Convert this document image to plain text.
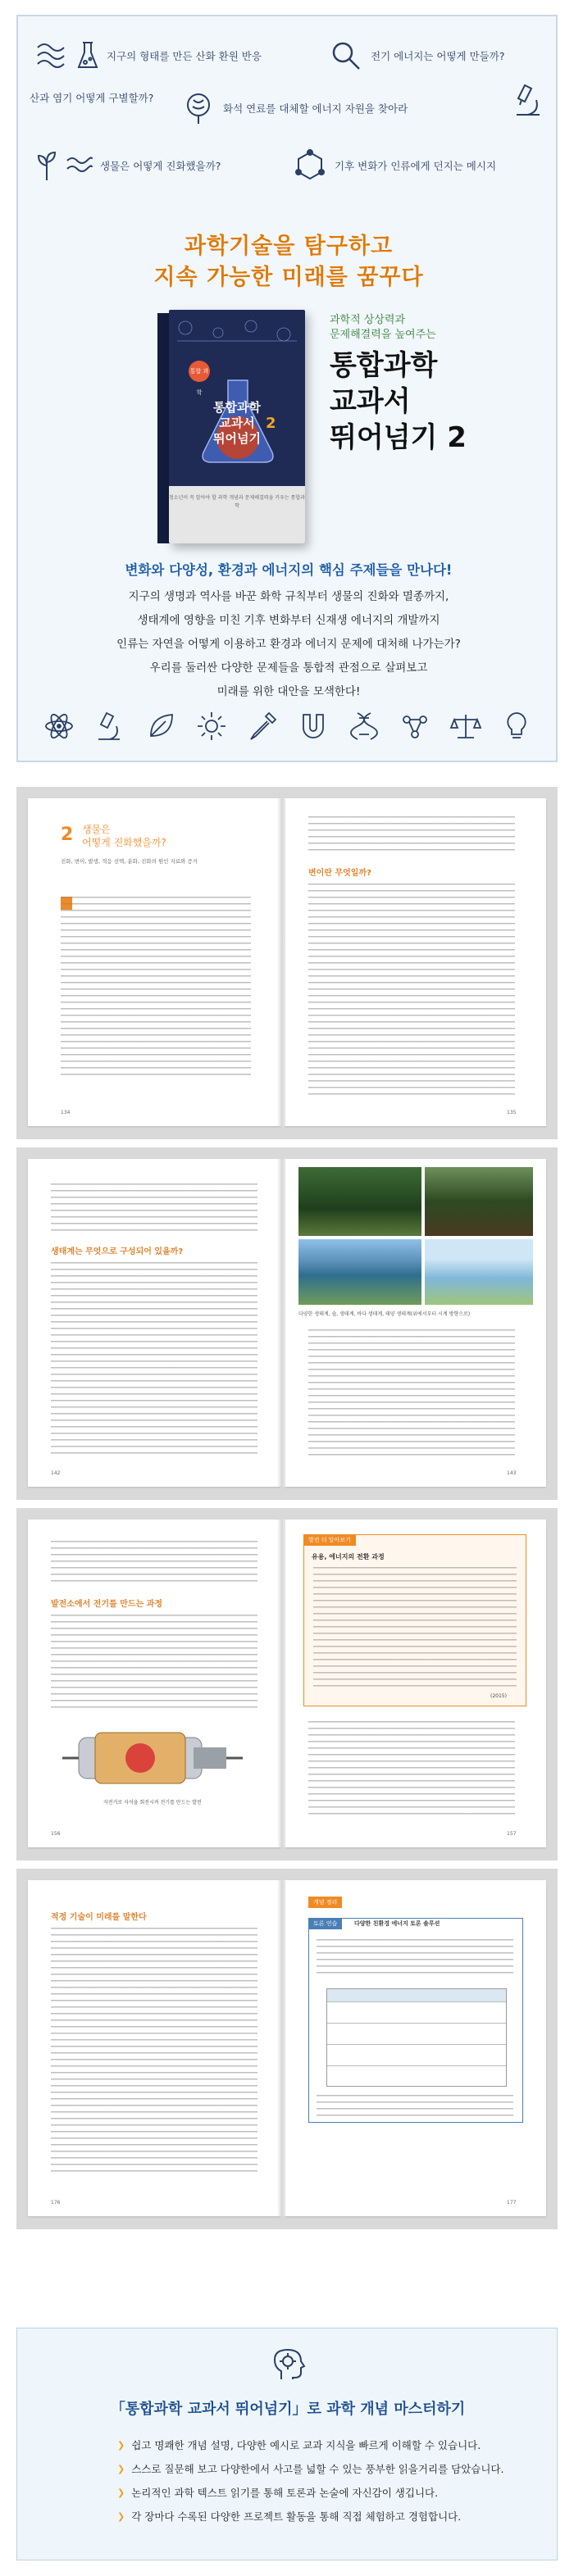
지구의 형태를 만든 산화 환원 반응	전기 에너지는 어떻게 만들까?
산과 염기 어떻게 구별할까?
화석 연료를 대체할 에너지 자원을 찾아라
생물은 어떻게 진화했을까?	기후 변화가 인류에게 던지는 메시지
과학기술을 탐구하고
지속 가능한 미래를 꿈꾸다
통합 과학
통합과학
교과서
뛰어넘기
2
청소년이 꼭 알아야 할 과학 개념과 문제해결력을 키우는 통합과학
과학적 상상력과
문제해결력을 높여주는
통합과학
교과서
뛰어넘기 2
변화와 다양성, 환경과 에너지의 핵심 주제들을 만나다!
지구의 생명과 역사를 바꾼 화학 규칙부터 생물의 진화와 멸종까지,
생태계에 영향을 미친 기후 변화부터 신재생 에너지의 개발까지
인류는 자연을 어떻게 이용하고 환경과 에너지 문제에 대처해 나가는가?
우리를 둘러싼 다양한 문제들을 통합적 관점으로 살펴보고
미래를 위한 대안을 모색한다!
2 생물은
어떻게 진화했을까?
진화, 변이, 발생, 적응 선택, 분화, 진화의 원인 자료와 증거
134
변이란 무엇일까?
135
생태계는 무엇으로 구성되어 있을까?
142
다양한 생태계, 숲, 생태계, 바다 생태계, 태양 생태계(위에서부터 시계 방향으로)
143
발전소에서 전기를 만드는 과정
자전거로 자석을 회전시켜 전기를 만드는 발전
156
발전 더 알아보기
유용, 에너지의 전환 과정
(2015)
157
적정 기술이 미래를 말한다
176
개념 정리
토론 연습	다양한 친환경 에너지 토론 솔루션
177
「통합과학 교과서 뛰어넘기」로 과학 개념 마스터하기
❯ 쉽고 명쾌한 개념 설명, 다양한 예시로 교과 지식을 빠르게 이해할 수 있습니다.
❯ 스스로 질문해 보고 다양한에서 사고를 넓할 수 있는 풍부한 읽을거리를 담았습니다.
❯ 논리적인 과학 텍스트 읽기를 통해 토론과 논술에 자신감이 생깁니다.
❯ 각 장마다 수록된 다양한 프로젝트 활동을 통해 직접 체험하고 경험합니다.
